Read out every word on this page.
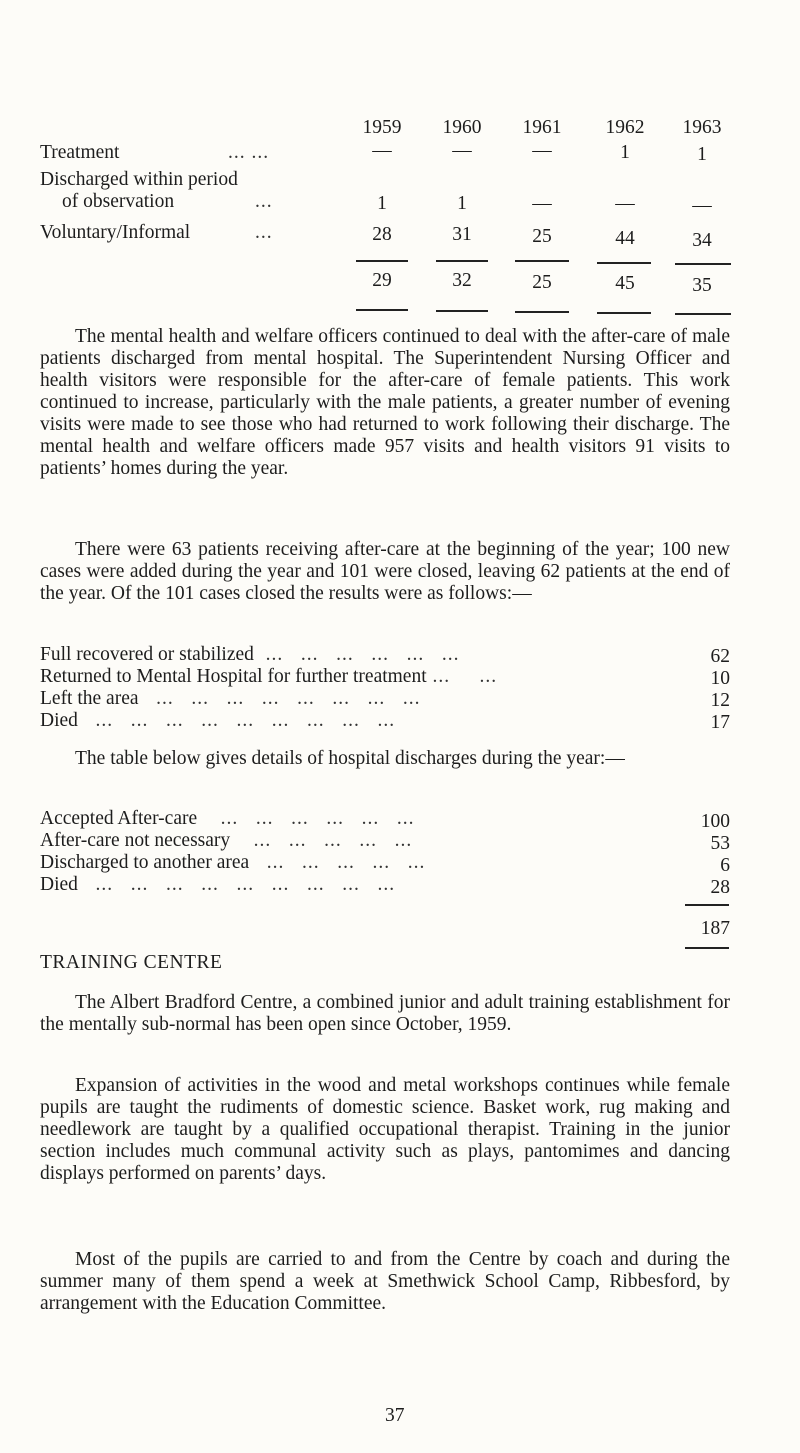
1959	1960	1961	1962	1963
Treatment	... ...	—	—	—	1	1
Discharged within period
of observation	...	1	1	—	—	—
Voluntary/Informal	...	28	31	25	44	34
29	32	25	45	35
The mental health and welfare officers continued to deal with the after-care of male patients discharged from mental hospital. The Superintendent Nursing Officer and health visitors were responsible for the after-care of female patients. This work continued to increase, particularly with the male patients, a greater number of evening visits were made to see those who had returned to work following their discharge. The mental health and welfare officers made 957 visits and health visitors 91 visits to patients’ homes during the year.
There were 63 patients receiving after-care at the beginning of the year; 100 new cases were added during the year and 101 were closed, leaving 62 patients at the end of the year. Of the 101 cases closed the results were as follows:—
Full recovered or stabilized  ...   ...   ...   ...   ...   ...	62
Returned to Mental Hospital for further treatment ...     ...	10
Left the area   ...   ...   ...   ...   ...   ...   ...   ...	12
Died   ...   ...   ...   ...   ...   ...   ...   ...   ...	17
The table below gives details of hospital discharges during the year:—
Accepted After-care    ...   ...   ...   ...   ...   ...	100
After-care not necessary    ...   ...   ...   ...   ...	53
Discharged to another area   ...   ...   ...   ...   ...	6
Died   ...   ...   ...   ...   ...   ...   ...   ...   ...	28
187
TRAINING CENTRE
The Albert Bradford Centre, a combined junior and adult training establishment for the mentally sub-normal has been open since October, 1959.
Expansion of activities in the wood and metal workshops continues while female pupils are taught the rudiments of domestic science. Basket work, rug making and needlework are taught by a qualified occupational therapist. Training in the junior section includes much communal activity such as plays, pantomimes and dancing displays performed on parents’ days.
Most of the pupils are carried to and from the Centre by coach and during the summer many of them spend a week at Smethwick School Camp, Ribbesford, by arrangement with the Education Committee.
37
